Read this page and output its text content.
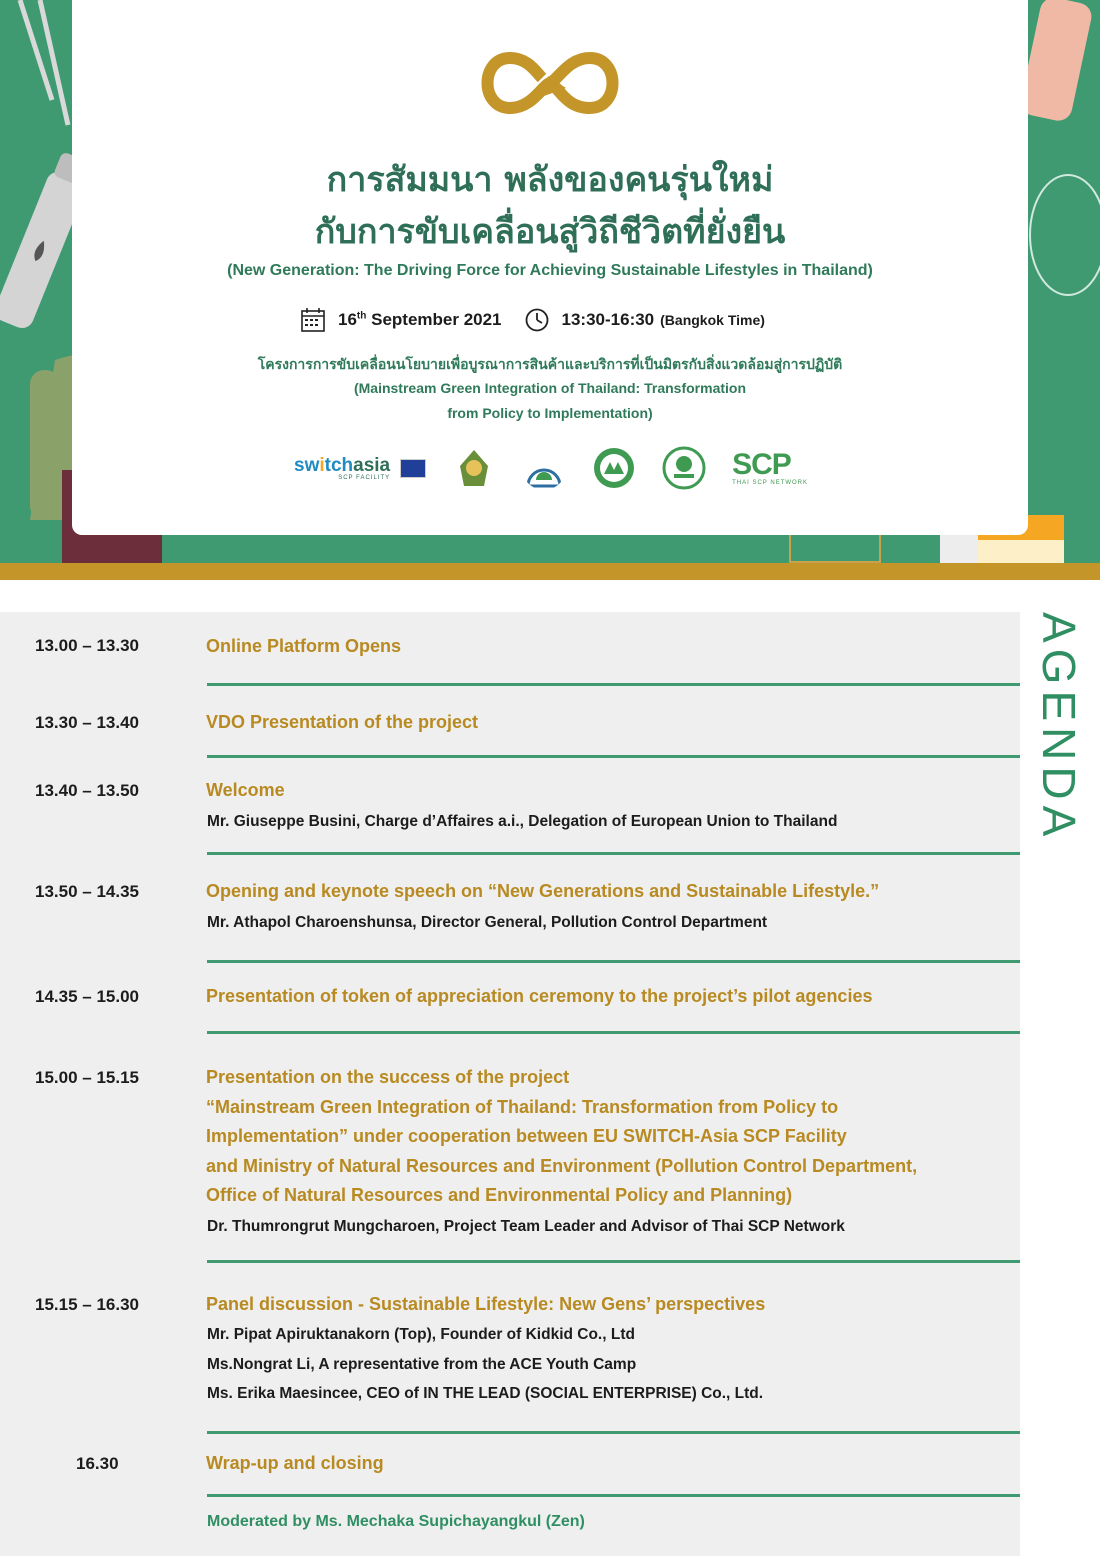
การสัมมนา พลังของคนรุ่นใหม่
กับการขับเคลื่อนสู่วิถีชีวิตที่ยั่งยืน
(New Generation: The Driving Force for Achieving Sustainable Lifestyles in Thailand)
16th September 2021	13:30-16:30 (Bangkok Time)
โครงการการขับเคลื่อนนโยบายเพื่อบูรณาการสินค้าและบริการที่เป็นมิตรกับสิ่งแวดล้อมสู่การปฏิบัติ
(Mainstream Green Integration of Thailand: Transformation
from Policy to Implementation)
switchasia
SCP FACILITY	SCP
THAI SCP NETWORK
AGENDA
13.00 – 13.30	Online Platform Opens
13.30 – 13.40	VDO Presentation of the project
13.40 – 13.50	Welcome
Mr. Giuseppe Busini, Charge d’Affaires a.i., Delegation of European Union to Thailand
13.50 – 14.35	Opening and keynote speech on “New Generations and Sustainable Lifestyle.”
Mr. Athapol Charoenshunsa, Director General, Pollution Control Department
14.35 – 15.00	Presentation of token of appreciation ceremony to the project’s pilot agencies
15.00 – 15.15	Presentation on the success of the project
“Mainstream Green Integration of Thailand: Transformation from Policy to
Implementation” under cooperation between EU SWITCH-Asia SCP Facility
and Ministry of Natural Resources and Environment (Pollution Control Department,
Office of Natural Resources and Environmental Policy and Planning)
Dr. Thumrongrut Mungcharoen, Project Team Leader and Advisor of Thai SCP Network
15.15 – 16.30	Panel discussion - Sustainable Lifestyle: New Gens’ perspectives
Mr. Pipat Apiruktanakorn (Top), Founder of Kidkid Co., Ltd
Ms.Nongrat Li, A representative from the ACE Youth Camp
Ms. Erika Maesincee, CEO of IN THE LEAD (SOCIAL ENTERPRISE) Co., Ltd.
16.30	Wrap-up and closing
Moderated by Ms. Mechaka Supichayangkul (Zen)
